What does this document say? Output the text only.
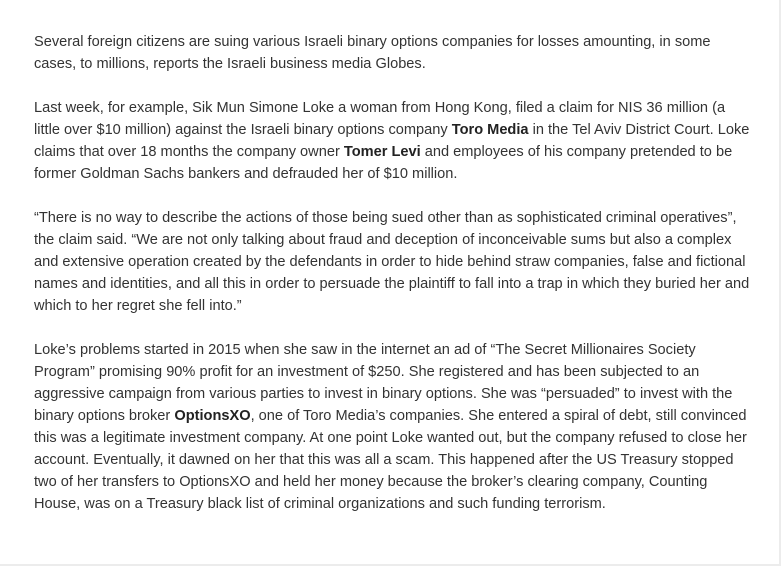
Several foreign citizens are suing various Israeli binary options companies for losses amounting, in some cases, to millions, reports the Israeli business media Globes.

Last week, for example, Sik Mun Simone Loke a woman from Hong Kong, filed a claim for NIS 36 million (a little over $10 million) against the Israeli binary options company Toro Media in the Tel Aviv District Court. Loke claims that over 18 months the company owner Tomer Levi and employees of his company pretended to be former Goldman Sachs bankers and defrauded her of $10 million.

“There is no way to describe the actions of those being sued other than as sophisticated criminal operatives”, the claim said. “We are not only talking about fraud and deception of inconceivable sums but also a complex and extensive operation created by the defendants in order to hide behind straw companies, false and fictional names and identities, and all this in order to persuade the plaintiff to fall into a trap in which they buried her and which to her regret she fell into.”

Loke’s problems started in 2015 when she saw in the internet an ad of “The Secret Millionaires Society Program” promising 90% profit for an investment of $250. She registered and has been subjected to an aggressive campaign from various parties to invest in binary options. She was “persuaded” to invest with the binary options broker OptionsXO, one of Toro Media’s companies. She entered a spiral of debt, still convinced this was a legitimate investment company. At one point Loke wanted out, but the company refused to close her account. Eventually, it dawned on her that this was all a scam. This happened after the US Treasury stopped two of her transfers to OptionsXO and held her money because the broker’s clearing company, Counting House, was on a Treasury black list of criminal organizations and such funding terrorism.
